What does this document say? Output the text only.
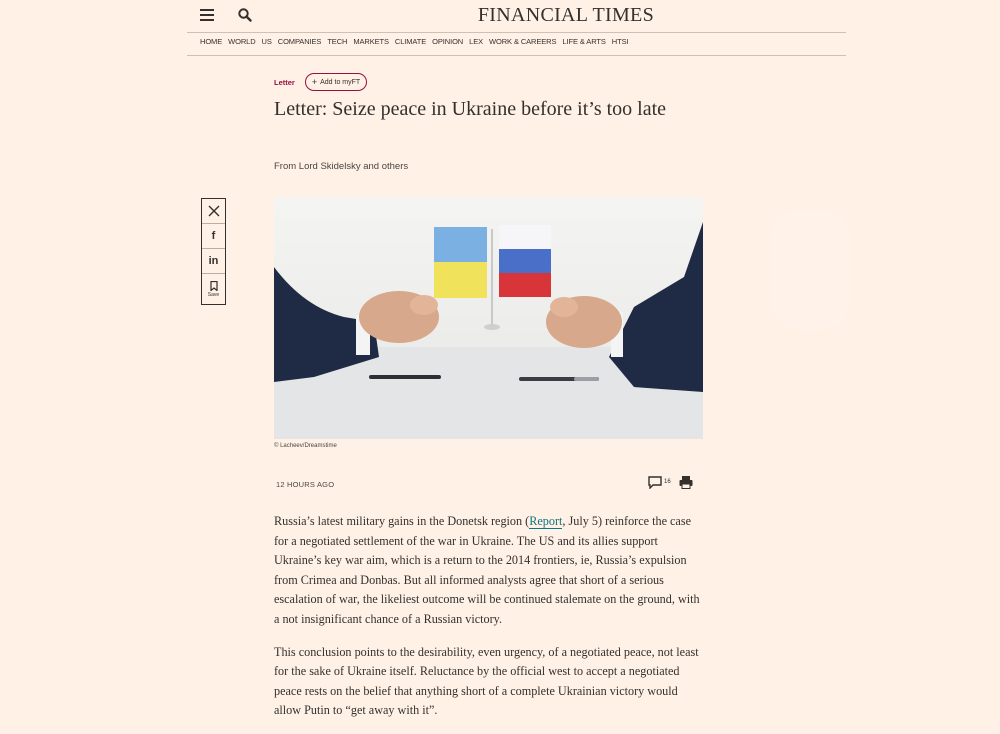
FINANCIAL TIMES
HOME WORLD US COMPANIES TECH MARKETS CLIMATE OPINION LEX WORK & CAREERS LIFE & ARTS HTSI
Letter + Add to myFT
Letter: Seize peace in Ukraine before it’s too late
From Lord Skidelsky and others
f
in
Save
© Lacheev/Dreamstime
12 HOURS AGO	16

Russia’s latest military gains in the Donetsk region (Report, July 5) reinforce the case for a negotiated settlement of the war in Ukraine. The US and its allies support Ukraine’s key war aim, which is a return to the 2014 frontiers, ie, Russia’s expulsion from Crimea and Donbas. But all informed analysts agree that short of a serious escalation of war, the likeliest outcome will be continued stalemate on the ground, with a not insignificant chance of a Russian victory.

This conclusion points to the desirability, even urgency, of a negotiated peace, not least for the sake of Ukraine itself. Reluctance by the official west to accept a negotiated peace rests on the belief that anything short of a complete Ukrainian victory would allow Putin to “get away with it”.
